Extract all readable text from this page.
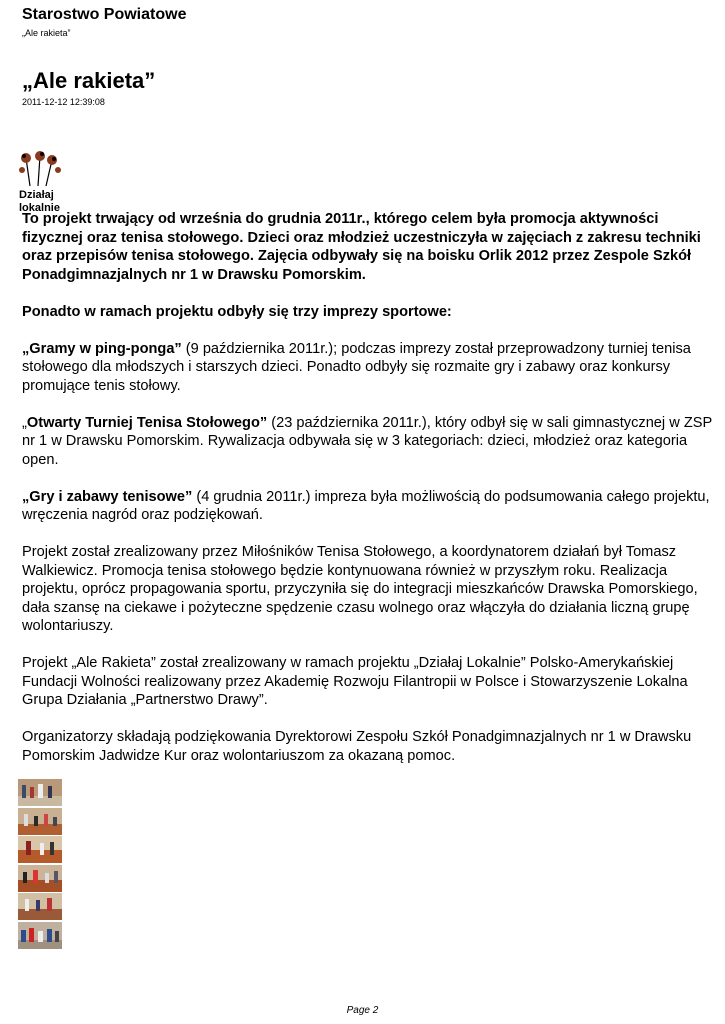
Starostwo Powiatowe
„Ale rakieta”
„Ale rakieta”
2011-12-12 12:39:08
Działaj
lokalnie

To projekt trwający od września do grudnia 2011r., którego celem była promocja aktywności fizycznej oraz tenisa stołowego. Dzieci oraz młodzież uczestniczyła w zajęciach z zakresu techniki oraz przepisów tenisa stołowego. Zajęcia odbywały się na boisku Orlik 2012 przez Zespole Szkół Ponadgimnazjalnych nr 1 w Drawsku Pomorskim.

Ponadto w ramach projektu odbyły się trzy imprezy sportowe:

„Gramy w ping-ponga” (9 października 2011r.); podczas imprezy został przeprowadzony turniej tenisa stołowego dla młodszych i starszych dzieci. Ponadto odbyły się rozmaite gry i zabawy oraz konkursy promujące tenis stołowy.

„Otwarty Turniej Tenisa Stołowego” (23 października 2011r.), który odbył się w sali gimnastycznej w ZSP nr 1 w Drawsku Pomorskim. Rywalizacja odbywała się w 3 kategoriach: dzieci, młodzież oraz kategoria open.

„Gry i zabawy tenisowe” (4 grudnia 2011r.) impreza była możliwością do podsumowania całego projektu, wręczenia nagród oraz podziękowań.

Projekt został zrealizowany przez Miłośników Tenisa Stołowego, a koordynatorem działań był Tomasz Walkiewicz. Promocja tenisa stołowego będzie kontynuowana również w przyszłym roku. Realizacja projektu, oprócz propagowania sportu, przyczyniła się do integracji mieszkańców Drawska Pomorskiego, dała szansę na ciekawe i pożyteczne spędzenie czasu wolnego oraz włączyła do działania liczną grupę wolontariuszy.

Projekt „Ale Rakieta” został zrealizowany w ramach projektu „Działaj Lokalnie” Polsko-Amerykańskiej Fundacji Wolności realizowany przez Akademię Rozwoju Filantropii w Polsce i Stowarzyszenie Lokalna Grupa Działania „Partnerstwo Drawy”.

Organizatorzy składają podziękowania Dyrektorowi Zespołu Szkół Ponadgimnazjalnych nr 1 w Drawsku Pomorskim Jadwidze Kur oraz wolontariuszom za okazaną pomoc.

Page 2
